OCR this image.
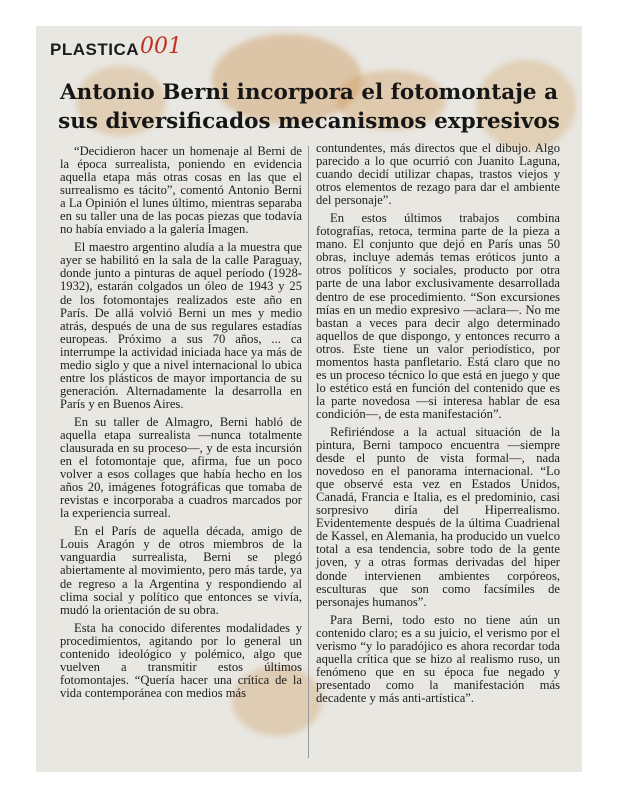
PLASTICA 001
Antonio Berni incorpora el fotomontaje a
sus diversificados mecanismos expresivos

“Decidieron hacer un homenaje al Berni de la época surrealista, poniendo en evidencia aquella etapa más otras cosas en las que el surrealismo es tácito”, comentó Antonio Berni a La Opinión el lunes último, mientras separaba en su taller una de las pocas piezas que todavía no había enviado a la galería Imagen.

El maestro argentino aludía a la muestra que ayer se habilitó en la sala de la calle Paraguay, donde junto a pinturas de aquel período (1928-1932), estarán colgados un óleo de 1943 y 25 de los fotomontajes realizados este año en París. De allá volvió Berni un mes y medio atrás, después de una de sus regulares estadías europeas. Próximo a sus 70 años, ... ca interrumpe la actividad iniciada hace ya más de medio siglo y que a nivel internacional lo ubica entre los plásticos de mayor importancia de su generación. Alternadamente la desarrolla en París y en Buenos Aires.

En su taller de Almagro, Berni habló de aquella etapa surrealista —nunca totalmente clausurada en su proceso—, y de esta incursión en el fotomontaje que, afirma, fue un poco volver a esos collages que había hecho en los años 20, imágenes fotográficas que tomaba de revistas e incorporaba a cuadros marcados por la experiencia surreal.

En el París de aquella década, amigo de Louis Aragón y de otros miembros de la vanguardia surrealista, Berni se plegó abiertamente al movimiento, pero más tarde, ya de regreso a la Argentina y respondiendo al clima social y político que entonces se vivía, mudó la orientación de su obra.

Esta ha conocido diferentes modalidades y procedimientos, agitando por lo general un contenido ideológico y polémico, algo que vuelven a transmitir estos últimos fotomontajes. “Quería hacer una crítica de la vida contemporánea con medios más

contundentes, más directos que el dibujo. Algo parecido a lo que ocurrió con Juanito Laguna, cuando decidí utilizar chapas, trastos viejos y otros elementos de rezago para dar el ambiente del personaje”.

En estos últimos trabajos combina fotografías, retoca, termina parte de la pieza a mano. El conjunto que dejó en París unas 50 obras, incluye además temas eróticos junto a otros políticos y sociales, producto por otra parte de una labor exclusivamente desarrollada dentro de ese procedimiento. “Son excursiones mías en un medio expresivo —aclara—. No me bastan a veces para decir algo determinado aquellos de que dispongo, y entonces recurro a otros. Este tiene un valor periodístico, por momentos hasta panfletario. Está claro que no es un proceso técnico lo que está en juego y que lo estético está en función del contenido que es la parte novedosa —si interesa hablar de esa condición—, de esta manifestación”.

Refiriéndose a la actual situación de la pintura, Berni tampoco encuentra —siempre desde el punto de vista formal—, nada novedoso en el panorama internacional. “Lo que observé esta vez en Estados Unidos, Canadá, Francia e Italia, es el predominio, casi sorpresivo diría del Hiperrealismo. Evidentemente después de la última Cuadrienal de Kassel, en Alemania, ha producido un vuelco total a esa tendencia, sobre todo de la gente joven, y a otras formas derivadas del hiper donde intervienen ambientes corpóreos, esculturas que son como facsímiles de personajes humanos”.

Para Berni, todo esto no tiene aún un contenido claro; es a su juicio, el verismo por el verismo “y lo paradójico es ahora recordar toda aquella crítica que se hizo al realismo ruso, un fenómeno que en su época fue negado y presentado como la manifestación más decadente y más anti-artística”.
